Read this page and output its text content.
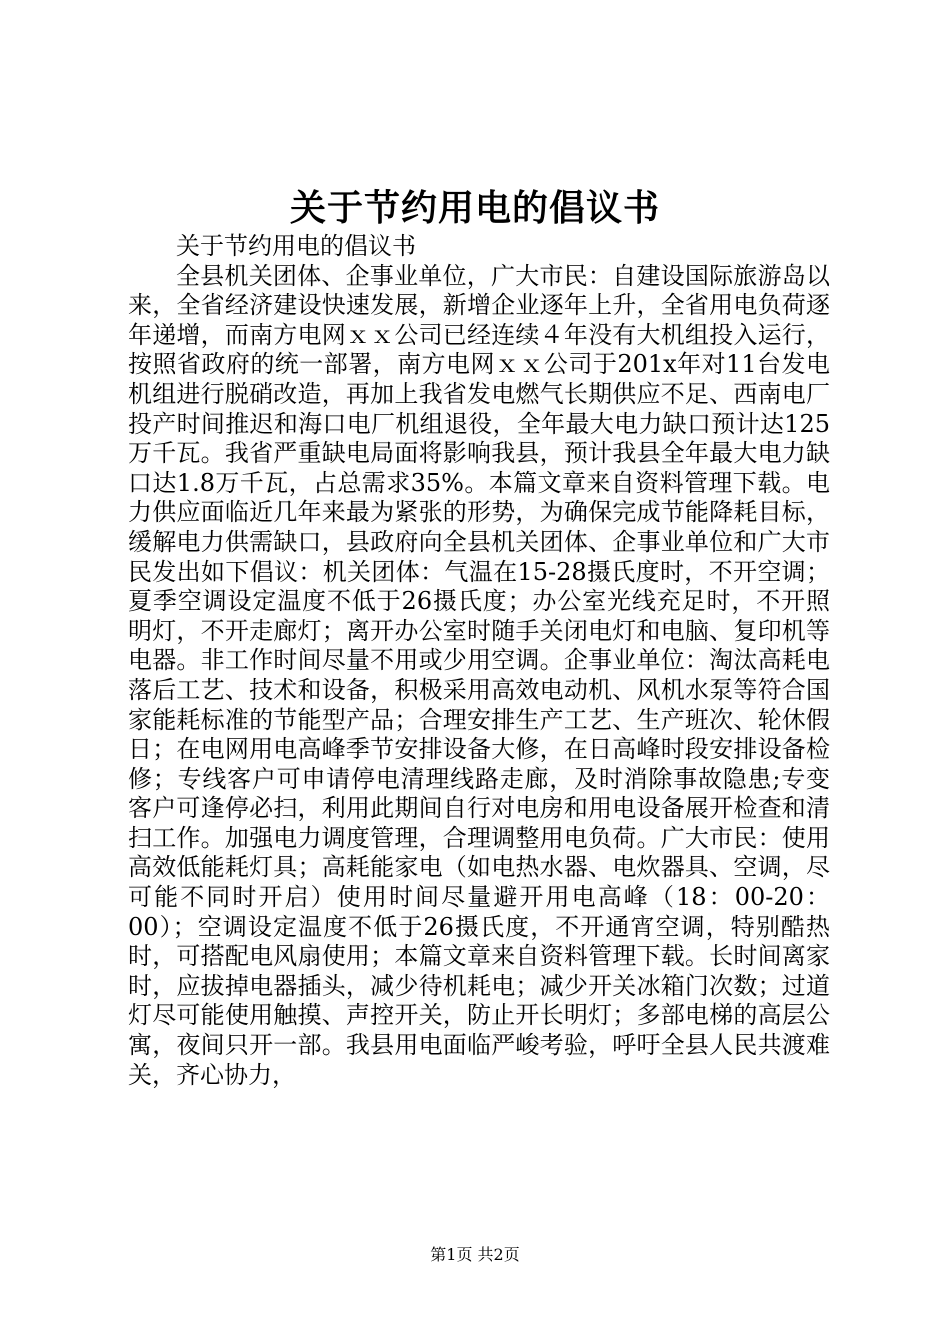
关于节约用电的倡议书

关于节约用电的倡议书

全县机关团体、企事业单位，广大市民：自建设国际旅游岛以来，全省经济建设快速发展，新增企业逐年上升，全省用电负荷逐年递增，而南方电网ｘｘ公司已经连续４年没有大机组投入运行，按照省政府的统一部署，南方电网ｘｘ公司于201x年对11台发电机组进行脱硝改造，再加上我省发电燃气长期供应不足、西南电厂投产时间推迟和海口电厂机组退役，全年最大电力缺口预计达125万千瓦。我省严重缺电局面将影响我县，预计我县全年最大电力缺口达1.8万千瓦，占总需求35%。本篇文章来自资料管理下载。电力供应面临近几年来最为紧张的形势，为确保完成节能降耗目标，缓解电力供需缺口，县政府向全县机关团体、企事业单位和广大市民发出如下倡议：机关团体：气温在15-28摄氏度时，不开空调；夏季空调设定温度不低于26摄氏度；办公室光线充足时，不开照明灯，不开走廊灯；离开办公室时随手关闭电灯和电脑、复印机等电器。非工作时间尽量不用或少用空调。企事业单位：淘汰高耗电落后工艺、技术和设备，积极采用高效电动机、风机水泵等符合国家能耗标准的节能型产品；合理安排生产工艺、生产班次、轮休假日；在电网用电高峰季节安排设备大修，在日高峰时段安排设备检修；专线客户可申请停电清理线路走廊，及时消除事故隐患;专变客户可逢停必扫，利用此期间自行对电房和用电设备展开检查和清扫工作。加强电力调度管理，合理调整用电负荷。广大市民：使用高效低能耗灯具；高耗能家电（如电热水器、电炊器具、空调，尽可能不同时开启）使用时间尽量避开用电高峰（18：00-20：00）；空调设定温度不低于26摄氏度，不开通宵空调，特别酷热时，可搭配电风扇使用；本篇文章来自资料管理下载。长时间离家时，应拔掉电器插头，减少待机耗电；减少开关冰箱门次数；过道灯尽可能使用触摸、声控开关，防止开长明灯；多部电梯的高层公寓，夜间只开一部。我县用电面临严峻考验，呼吁全县人民共渡难关，齐心协力，

第1页 共2页
